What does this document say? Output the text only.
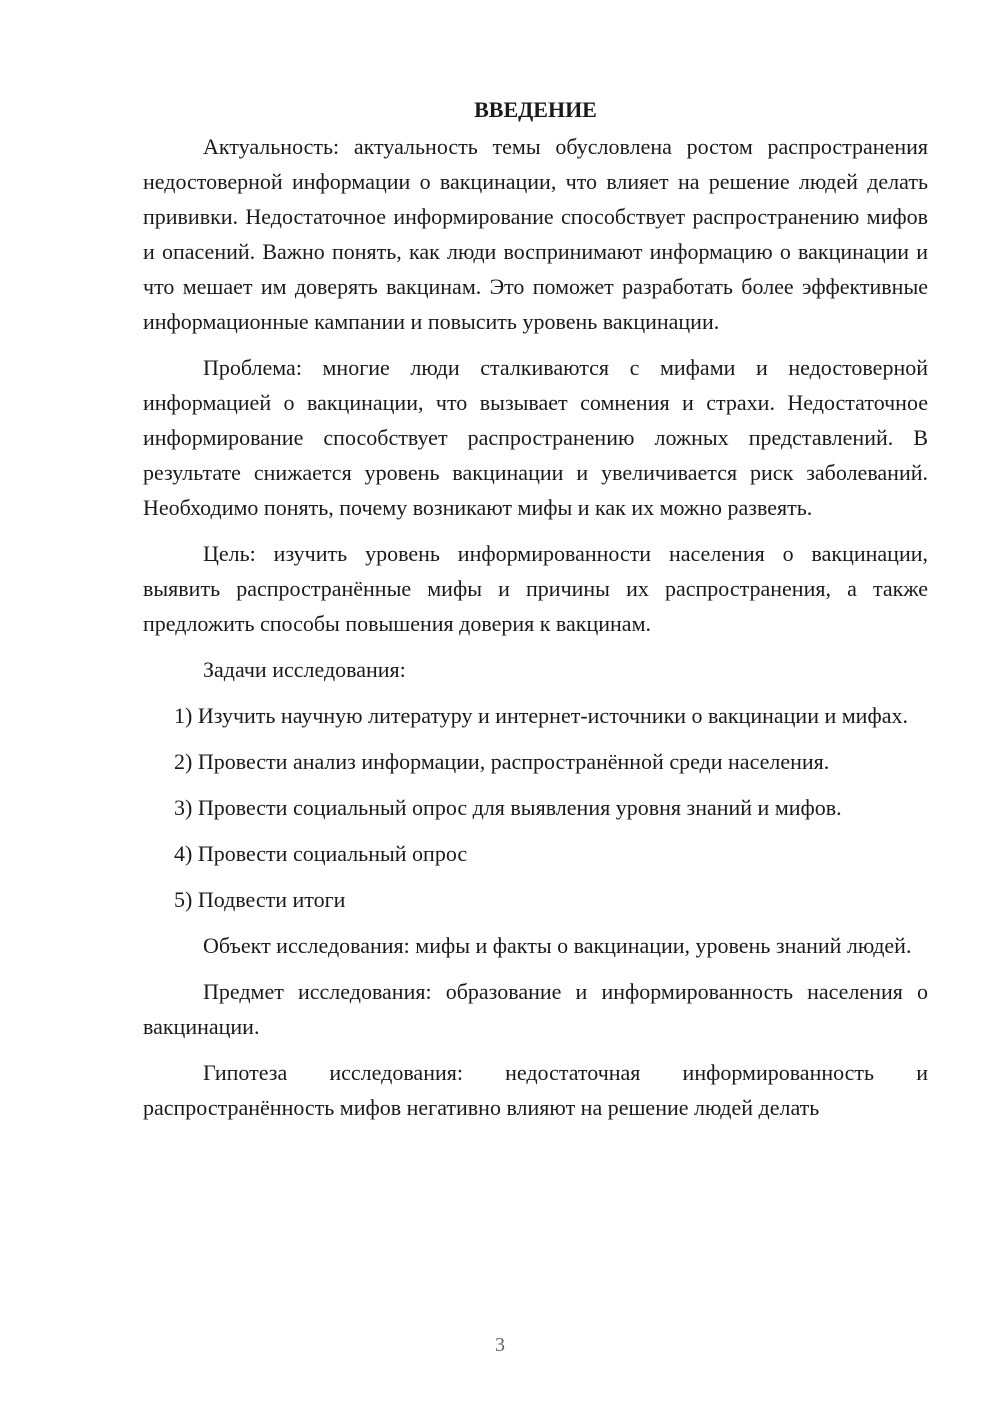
ВВЕДЕНИЕ

Актуальность: актуальность темы обусловлена ростом распространения недостоверной информации о вакцинации, что влияет на решение людей делать прививки. Недостаточное информирование способствует распространению мифов и опасений. Важно понять, как люди воспринимают информацию о вакцинации и что мешает им доверять вакцинам. Это поможет разработать более эффективные информационные кампании и повысить уровень вакцинации.

Проблема: многие люди сталкиваются с мифами и недостоверной информацией о вакцинации, что вызывает сомнения и страхи. Недостаточное информирование способствует распространению ложных представлений. В результате снижается уровень вакцинации и увеличивается риск заболеваний. Необходимо понять, почему возникают мифы и как их можно развеять.

Цель: изучить уровень информированности населения о вакцинации, выявить распространённые мифы и причины их распространения, а также предложить способы повышения доверия к вакцинам.

Задачи исследования:

1) Изучить научную литературу и интернет-источники о вакцинации и мифах.

2) Провести анализ информации, распространённой среди населения.

3) Провести социальный опрос для выявления уровня знаний и мифов.

4) Провести социальный опрос

5) Подвести итоги

Объект исследования: мифы и факты о вакцинации, уровень знаний людей.

Предмет исследования: образование и информированность населения о вакцинации.

Гипотеза исследования: недостаточная информированность и распространённость мифов негативно влияют на решение людей делать

3
